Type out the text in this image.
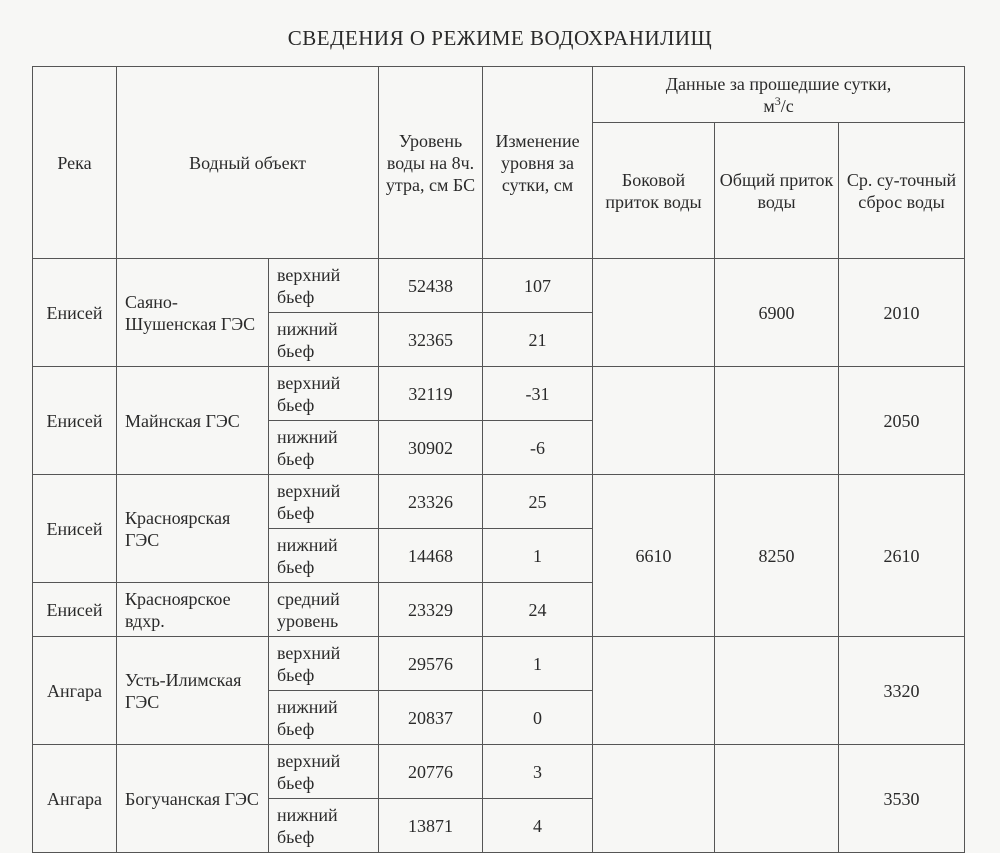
СВЕДЕНИЯ О РЕЖИМЕ ВОДОХРАНИЛИЩ
Река	Водный объект		Уровень воды на 8ч. утра, см БС	Изменение уровня за сутки, см	Данные за прошедшие сутки,
$м^3/с$		
					Боковой приток воды	Общий приток воды	Ср. су-точный сброс воды
Енисей	Саяно-Шушенская ГЭС	верхний бьеф	52438	107		6900	2010
		нижний бьеф	32365	21			
Енисей	Майнская ГЭС	верхний бьеф	32119	-31			2050
		нижний бьеф	30902	-6			
Енисей	Красноярская ГЭС	верхний бьеф	23326	25	6610	8250	2610
		нижний бьеф	14468	1			
Енисей	Красноярское вдхр.	средний уровень	23329	24			
Ангара	Усть-Илимская ГЭС	верхний бьеф	29576	1			3320
		нижний бьеф	20837	0			
Ангара	Богучанская ГЭС	верхний бьеф	20776	3			3530
		нижний бьеф	13871	4			
